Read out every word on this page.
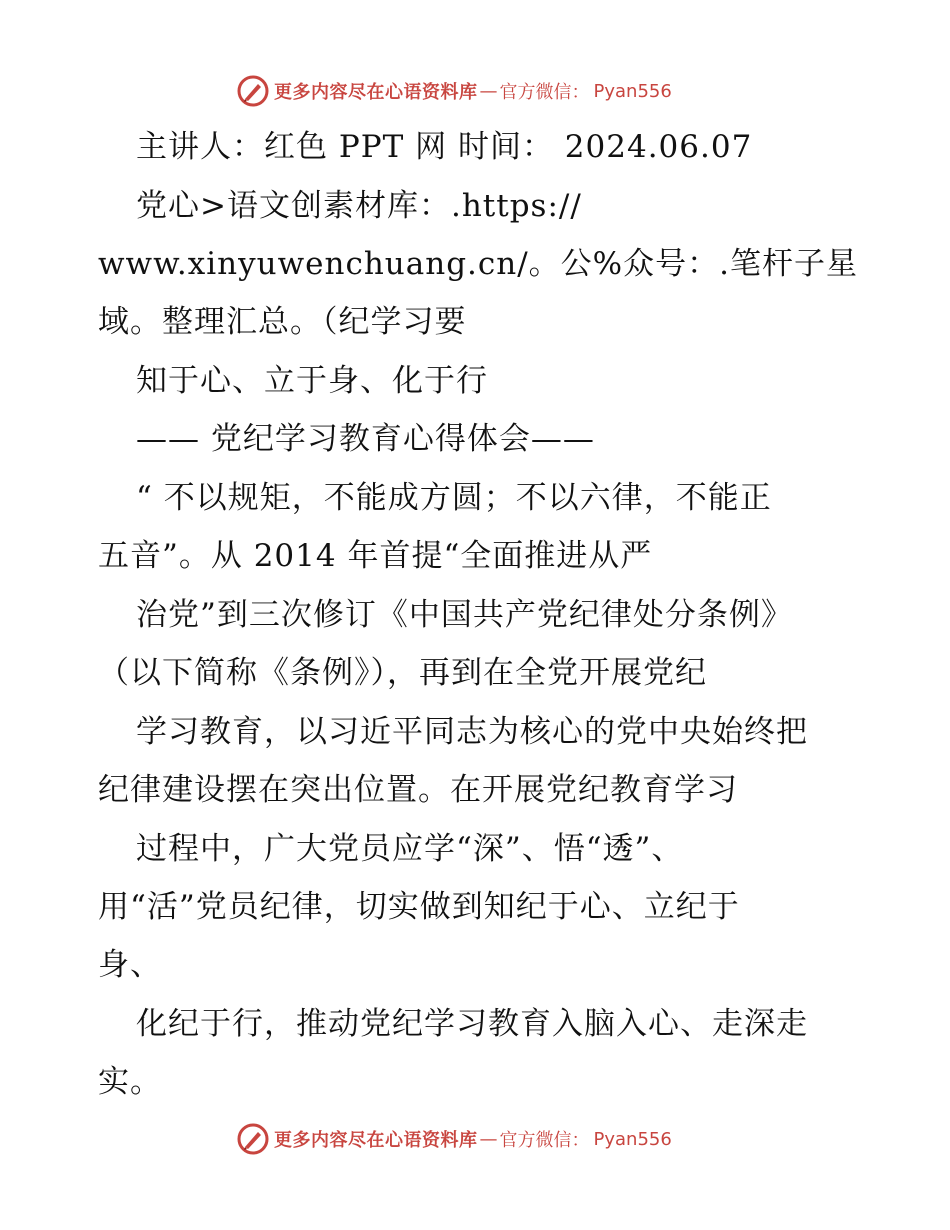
更多内容尽在心语资料库 — 官方微信： Pyan556
主讲人：红色 PPT 网 时间： 2024.06.07
党心>语文创素材库：.https://
www.xinyuwenchuang.cn/。公%众号：.笔杆子星
域。整理汇总。（纪学习要
知于心、立于身、化于行
—— 党纪学习教育心得体会——
“ 不以规矩，不能成方圆；不以六律，不能正
五音”。从 2014 年首提“全面推进从严
治党”到三次修订《中国共产党纪律处分条例》
（以下简称《条例》），再到在全党开展党纪
学习教育，以习近平同志为核心的党中央始终把
纪律建设摆在突出位置。在开展党纪教育学习
过程中，广大党员应学“深”、悟“透”、
用“活”党员纪律，切实做到知纪于心、立纪于
身、
化纪于行，推动党纪学习教育入脑入心、走深走
实。
更多内容尽在心语资料库 — 官方微信： Pyan556
